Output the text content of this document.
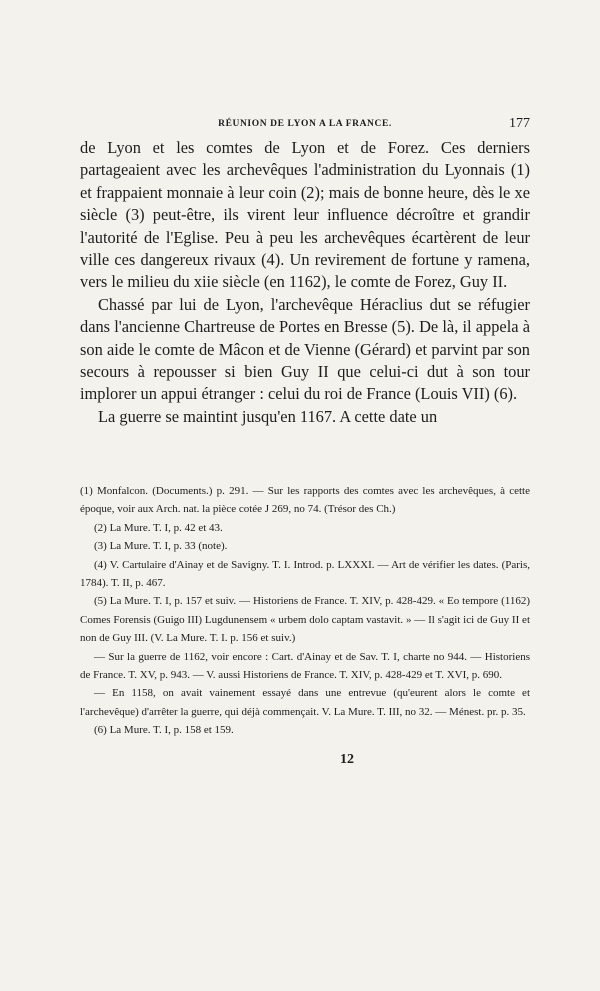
RÉUNION DE LYON A LA FRANCE.	177

de Lyon et les comtes de Lyon et de Forez. Ces derniers partageaient avec les archevêques l'administration du Lyonnais (1) et frappaient monnaie à leur coin (2); mais de bonne heure, dès le xe siècle (3) peut-être, ils virent leur influence décroître et grandir l'autorité de l'Eglise. Peu à peu les archevêques écartèrent de leur ville ces dangereux rivaux (4). Un revirement de fortune y ramena, vers le milieu du xiie siècle (en 1162), le comte de Forez, Guy II.

Chassé par lui de Lyon, l'archevêque Héraclius dut se réfugier dans l'ancienne Chartreuse de Portes en Bresse (5). De là, il appela à son aide le comte de Mâcon et de Vienne (Gérard) et parvint par son secours à repousser si bien Guy II que celui-ci dut à son tour implorer un appui étranger : celui du roi de France (Louis VII) (6).

La guerre se maintint jusqu'en 1167. A cette date un

(1) Monfalcon. (Documents.) p. 291. — Sur les rapports des comtes avec les archevêques, à cette époque, voir aux Arch. nat. la pièce cotée J 269, no 74. (Trésor des Ch.)

(2) La Mure. T. I, p. 42 et 43.

(3) La Mure. T. I, p. 33 (note).

(4) V. Cartulaire d'Ainay et de Savigny. T. I. Introd. p. LXXXI. — Art de vérifier les dates. (Paris, 1784). T. II, p. 467.

(5) La Mure. T. I, p. 157 et suiv. — Historiens de France. T. XIV, p. 428-429. « Eo tempore (1162) Comes Forensis (Guigo III) Lugdunensem « urbem dolo captam vastavit. » — Il s'agit ici de Guy II et non de Guy III. (V. La Mure. T. I. p. 156 et suiv.)

— Sur la guerre de 1162, voir encore : Cart. d'Ainay et de Sav. T. I, charte no 944. — Historiens de France. T. XV, p. 943. — V. aussi Historiens de France. T. XIV, p. 428-429 et T. XVI, p. 690.

— En 1158, on avait vainement essayé dans une entrevue (qu'eurent alors le comte et l'archevêque) d'arrêter la guerre, qui déjà commençait. V. La Mure. T. III, no 32. — Ménest. pr. p. 35.

(6) La Mure. T. I, p. 158 et 159.

12
